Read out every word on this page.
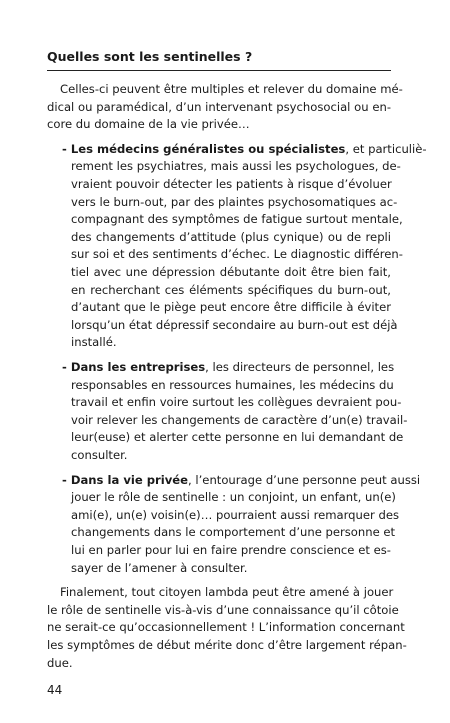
Quelles sont les sentinelles ?
Celles-ci peuvent être multiples et relever du domaine mé-
dical ou paramédical, d’un intervenant psychosocial ou en-
core du domaine de la vie privée…
- Les médecins généralistes ou spécialistes, et particuliè-
rement les psychiatres, mais aussi les psychologues, de-
vraient pouvoir détecter les patients à risque d’évoluer
vers le burn-out, par des plaintes psychosomatiques ac-
compagnant des symptômes de fatigue surtout mentale,
des changements d’attitude (plus cynique) ou de repli
sur soi et des sentiments d’échec. Le diagnostic différen-
tiel avec une dépression débutante doit être bien fait,
en recherchant ces éléments spécifiques du burn-out,
d’autant que le piège peut encore être difficile à éviter
lorsqu’un état dépressif secondaire au burn-out est déjà
installé.
- Dans les entreprises, les directeurs de personnel, les
responsables en ressources humaines, les médecins du
travail et enfin voire surtout les collègues devraient pou-
voir relever les changements de caractère d’un(e) travail-
leur(euse) et alerter cette personne en lui demandant de
consulter.
- Dans la vie privée, l’entourage d’une personne peut aussi
jouer le rôle de sentinelle : un conjoint, un enfant, un(e)
ami(e), un(e) voisin(e)… pourraient aussi remarquer des
changements dans le comportement d’une personne et
lui en parler pour lui en faire prendre conscience et es-
sayer de l’amener à consulter.
Finalement, tout citoyen lambda peut être amené à jouer
le rôle de sentinelle vis-à-vis d’une connaissance qu’il côtoie
ne serait-ce qu’occasionnellement ! L’information concernant
les symptômes de début mérite donc d’être largement répan-
due.
44
